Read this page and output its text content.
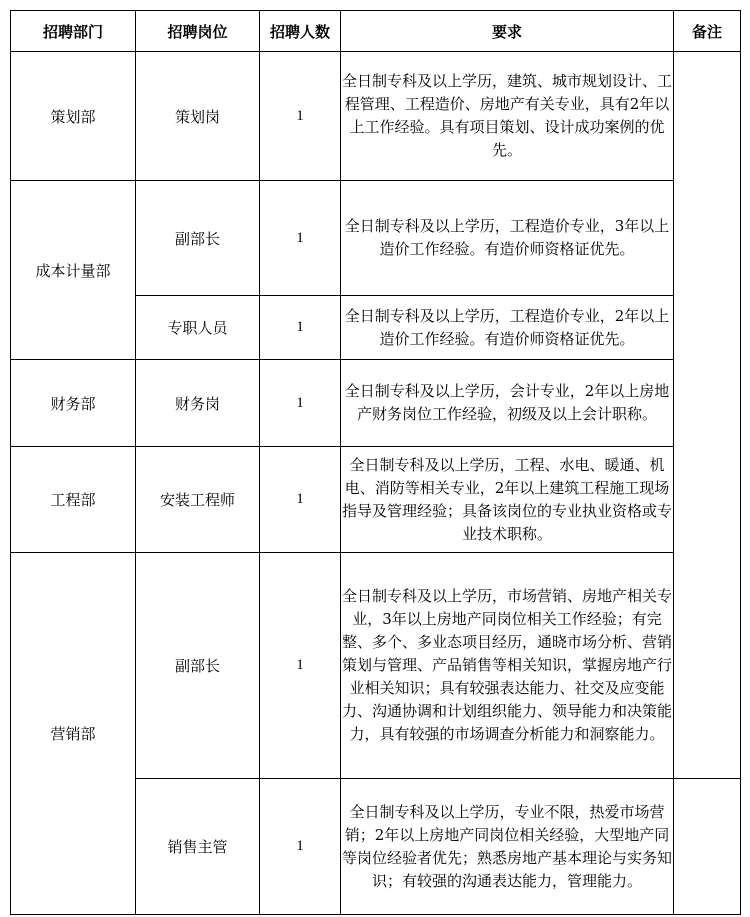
招聘部门	招聘岗位	招聘人数	要求	备注
策划部	策划岗	1	全日制专科及以上学历，建筑、城市规划设计、工程管理、工程造价、房地产有关专业，具有2年以上工作经验。具有项目策划、设计成功案例的优先。	
成本计量部	副部长	1	全日制专科及以上学历，工程造价专业，3年以上造价工作经验。有造价师资格证优先。	
	专职人员	1	全日制专科及以上学历，工程造价专业，2年以上造价工作经验。有造价师资格证优先。	
财务部	财务岗	1	全日制专科及以上学历，会计专业，2年以上房地产财务岗位工作经验，初级及以上会计职称。	
工程部	安装工程师	1	全日制专科及以上学历，工程、水电、暖通、机电、消防等相关专业，2年以上建筑工程施工现场指导及管理经验；具备该岗位的专业执业资格或专业技术职称。	
营销部	副部长	1	全日制专科及以上学历，市场营销、房地产相关专业，3年以上房地产同岗位相关工作经验；有完整、多个、多业态项目经历，通晓市场分析、营销策划与管理、产品销售等相关知识，掌握房地产行业相关知识；具有较强表达能力、社交及应变能力、沟通协调和计划组织能力、领导能力和决策能力，具有较强的市场调查分析能力和洞察能力。	
	销售主管	1	全日制专科及以上学历，专业不限，热爱市场营销；2年以上房地产同岗位相关经验，大型地产同等岗位经验者优先；熟悉房地产基本理论与实务知识；有较强的沟通表达能力，管理能力。	
